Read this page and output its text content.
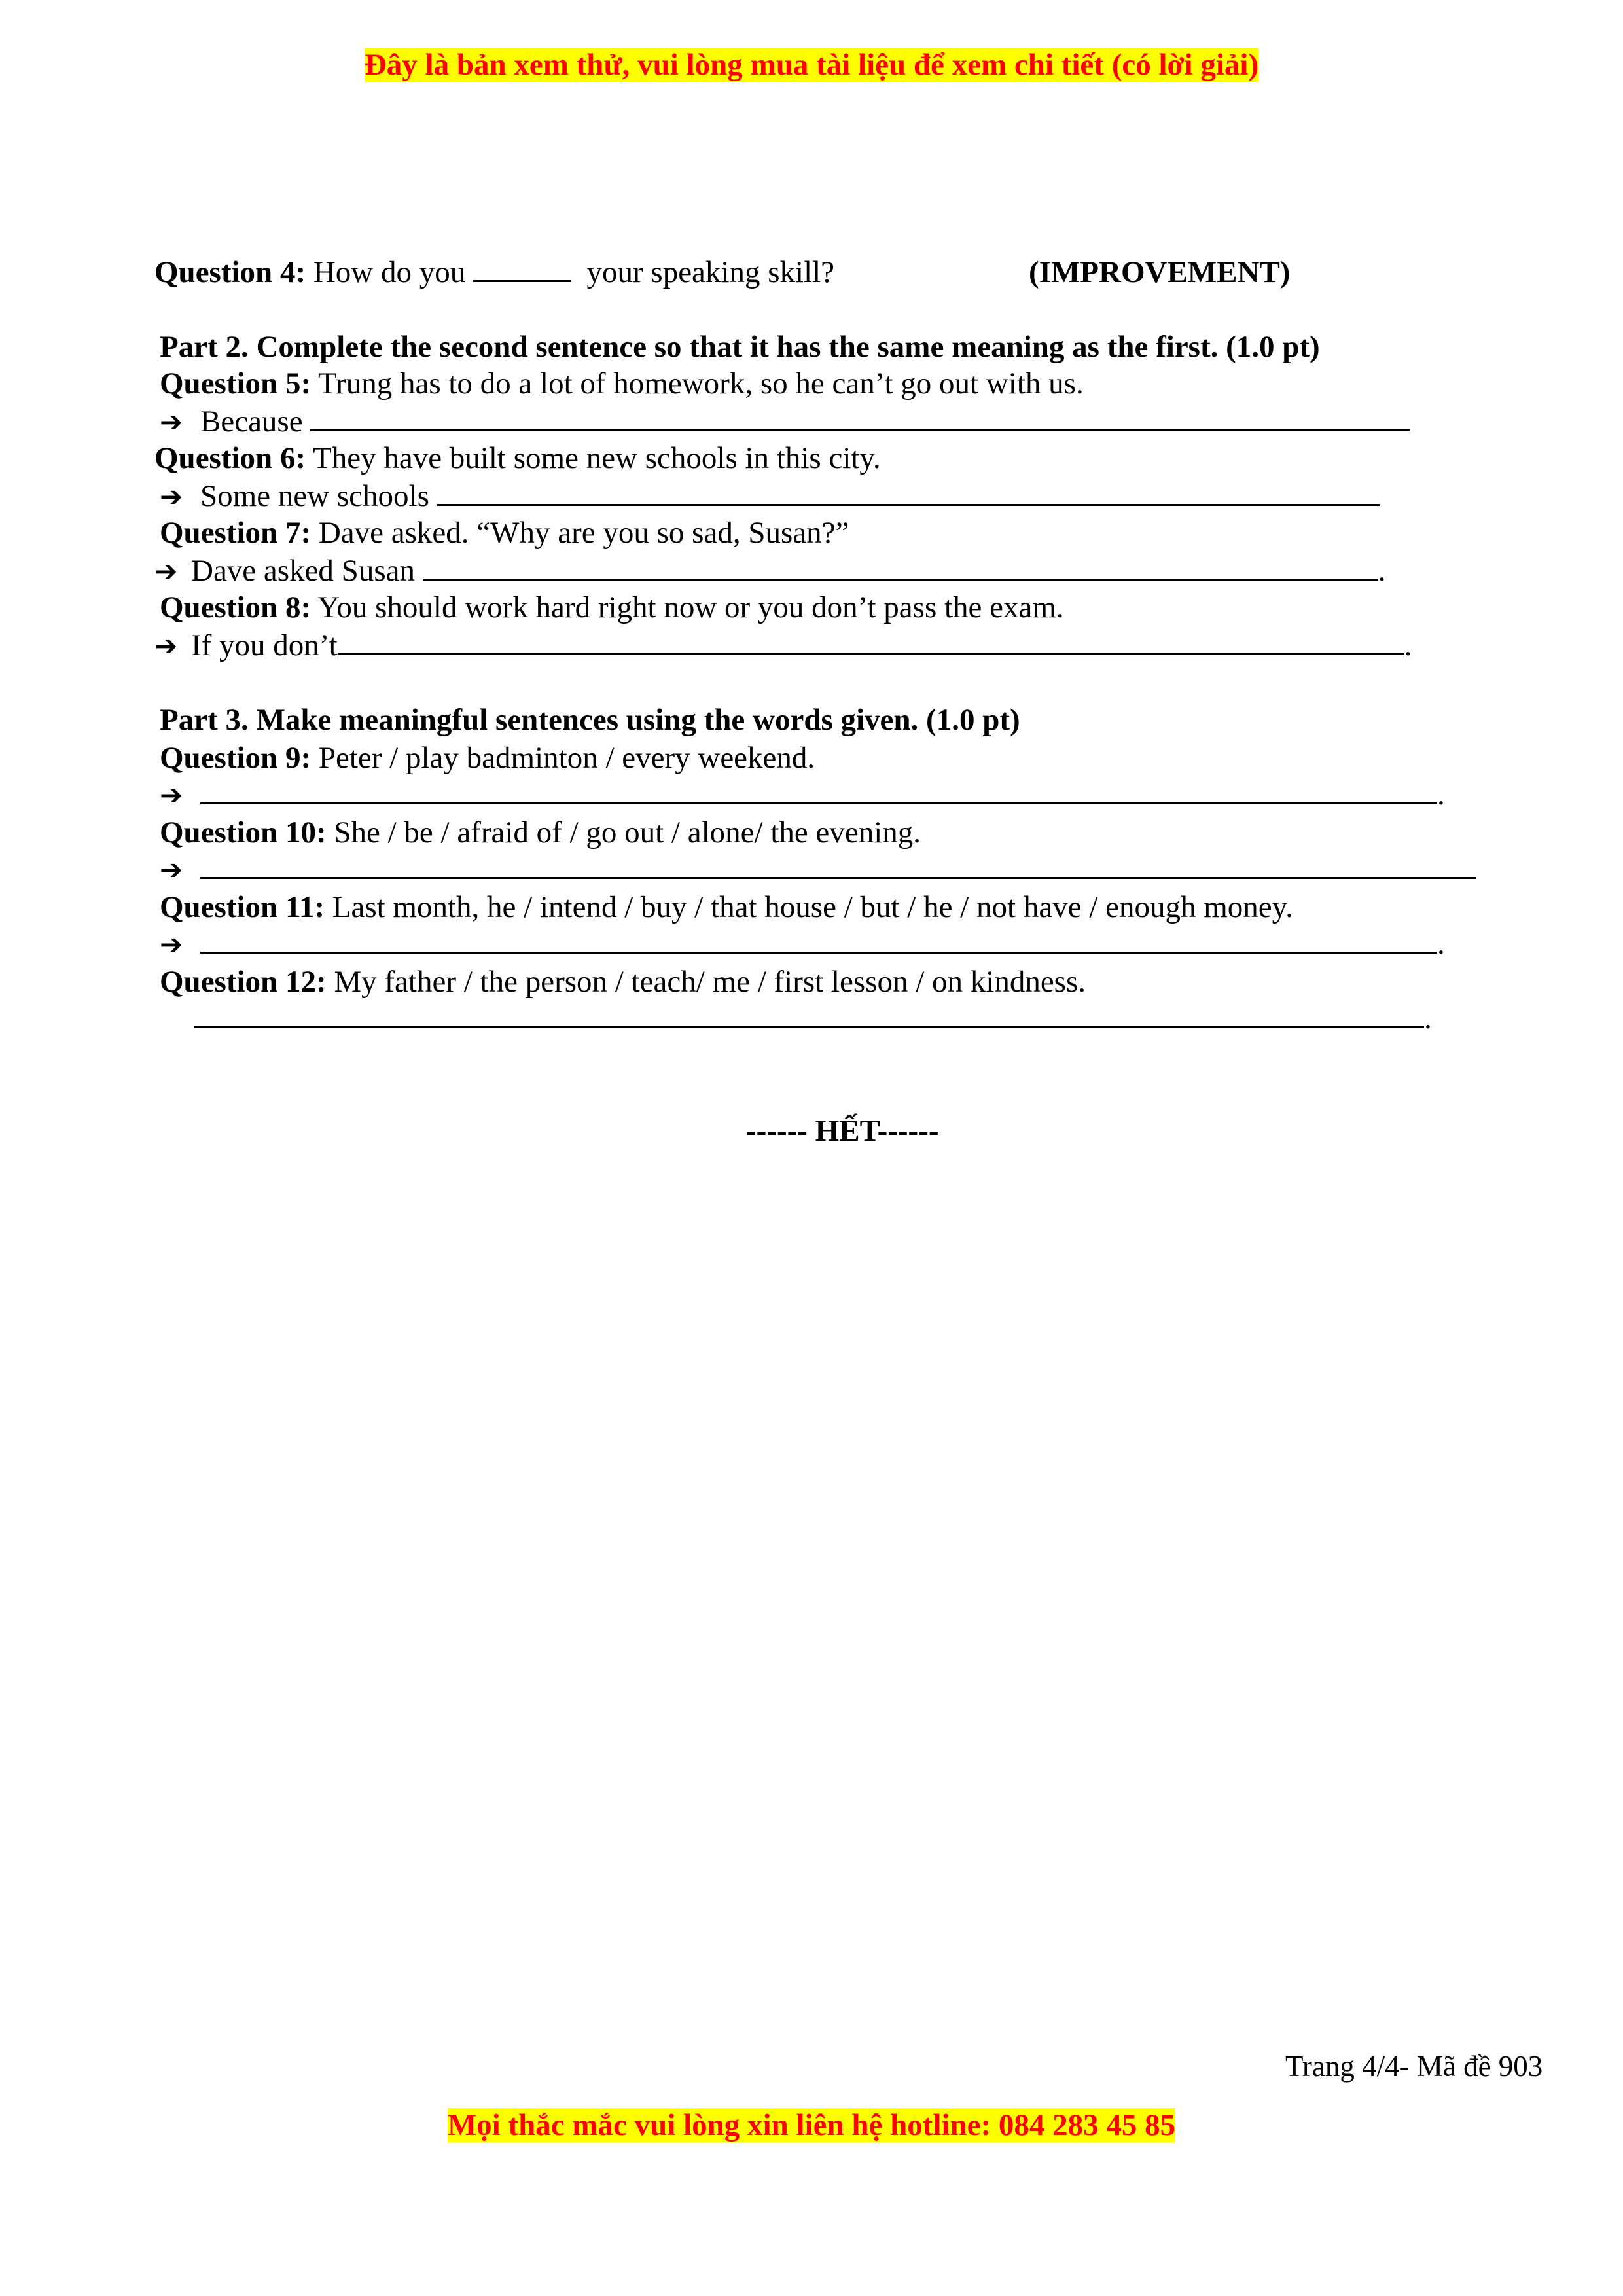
Đây là bản xem thử, vui lòng mua tài liệu để xem chi tiết (có lời giải)
Question 4: How do you	your speaking skill?	(IMPROVEMENT)
Part 2. Complete the second sentence so that it has the same meaning as the first. (1.0 pt)
Question 5: Trung has to do a lot of homework, so he can’t go out with us.
➔ Because
Question 6: They have built some new schools in this city.
➔ Some new schools
Question 7: Dave asked. “Why are you so sad, Susan?”
➔ Dave asked Susan	.
Question 8: You should work hard right now or you don’t pass the exam.
➔ If you don’t	.
Part 3. Make meaningful sentences using the words given. (1.0 pt)
Question 9: Peter / play badminton / every weekend.
➔	.
Question 10: She / be / afraid of / go out / alone/ the evening.
➔
Question 11: Last month, he / intend / buy / that house / but / he / not have / enough money.
➔	.
Question 12: My father / the person / teach/ me / first lesson / on kindness.
.
------ HẾT------
Trang 4/4- Mã đề 903
Mọi thắc mắc vui lòng xin liên hệ hotline: 084 283 45 85
